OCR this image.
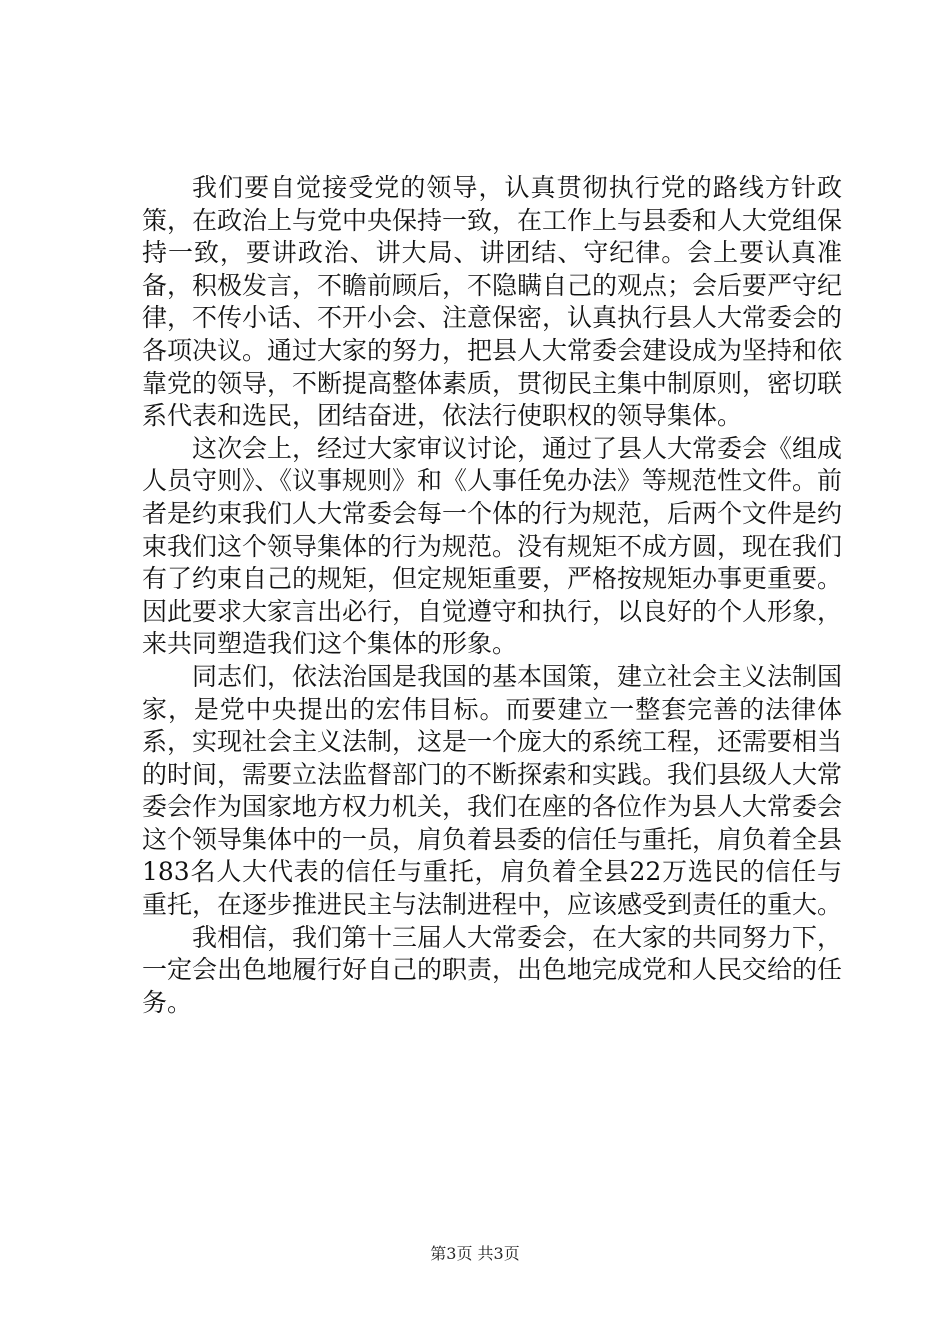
我们要自觉接受党的领导，认真贯彻执行党的路线方针政策，在政治上与党中央保持一致，在工作上与县委和人大党组保持一致，要讲政治、讲大局、讲团结、守纪律。会上要认真准备，积极发言，不瞻前顾后，不隐瞒自己的观点；会后要严守纪律，不传小话、不开小会、注意保密，认真执行县人大常委会的各项决议。通过大家的努力，把县人大常委会建设成为坚持和依靠党的领导，不断提高整体素质，贯彻民主集中制原则，密切联系代表和选民，团结奋进，依法行使职权的领导集体。

这次会上，经过大家审议讨论，通过了县人大常委会《组成人员守则》、《议事规则》和《人事任免办法》等规范性文件。前者是约束我们人大常委会每一个体的行为规范，后两个文件是约束我们这个领导集体的行为规范。没有规矩不成方圆，现在我们有了约束自己的规矩，但定规矩重要，严格按规矩办事更重要。因此要求大家言出必行，自觉遵守和执行，以良好的个人形象，来共同塑造我们这个集体的形象。

同志们，依法治国是我国的基本国策，建立社会主义法制国家，是党中央提出的宏伟目标。而要建立一整套完善的法律体系，实现社会主义法制，这是一个庞大的系统工程，还需要相当的时间，需要立法监督部门的不断探索和实践。我们县级人大常委会作为国家地方权力机关，我们在座的各位作为县人大常委会这个领导集体中的一员，肩负着县委的信任与重托，肩负着全县183名人大代表的信任与重托，肩负着全县22万选民的信任与重托，在逐步推进民主与法制进程中，应该感受到责任的重大。

我相信，我们第十三届人大常委会，在大家的共同努力下，一定会出色地履行好自己的职责，出色地完成党和人民交给的任务。

第3页 共3页
